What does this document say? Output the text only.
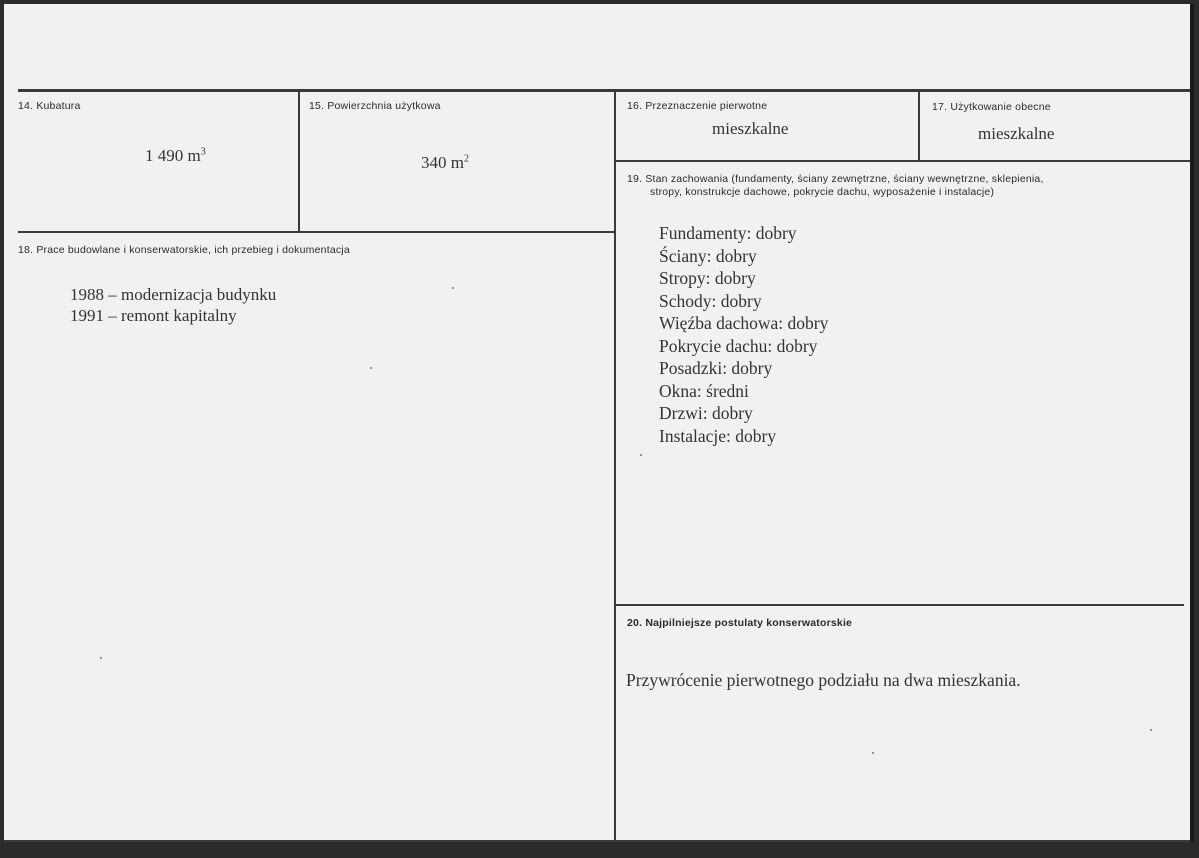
14. Kubatura
1 490 $m^3$
15. Powierzchnia użytkowa
340 $m^2$
16. Przeznaczenie pierwotne
mieszkalne
17. Użytkowanie obecne
mieszkalne
18. Prace budowlane i konserwatorskie, ich przebieg i dokumentacja
1988 – modernizacja budynku
1991 – remont kapitalny
19. Stan zachowania (fundamenty, ściany zewnętrzne, ściany wewnętrzne, sklepienia,
stropy, konstrukcje dachowe, pokrycie dachu, wyposażenie i instalacje)
Fundamenty: dobry
Ściany: dobry
Stropy: dobry
Schody: dobry
Więźba dachowa: dobry
Pokrycie dachu: dobry
Posadzki: dobry
Okna: średni
Drzwi: dobry
Instalacje: dobry
20. Najpilniejsze postulaty konserwatorskie
Przywrócenie pierwotnego podziału na dwa mieszkania.
